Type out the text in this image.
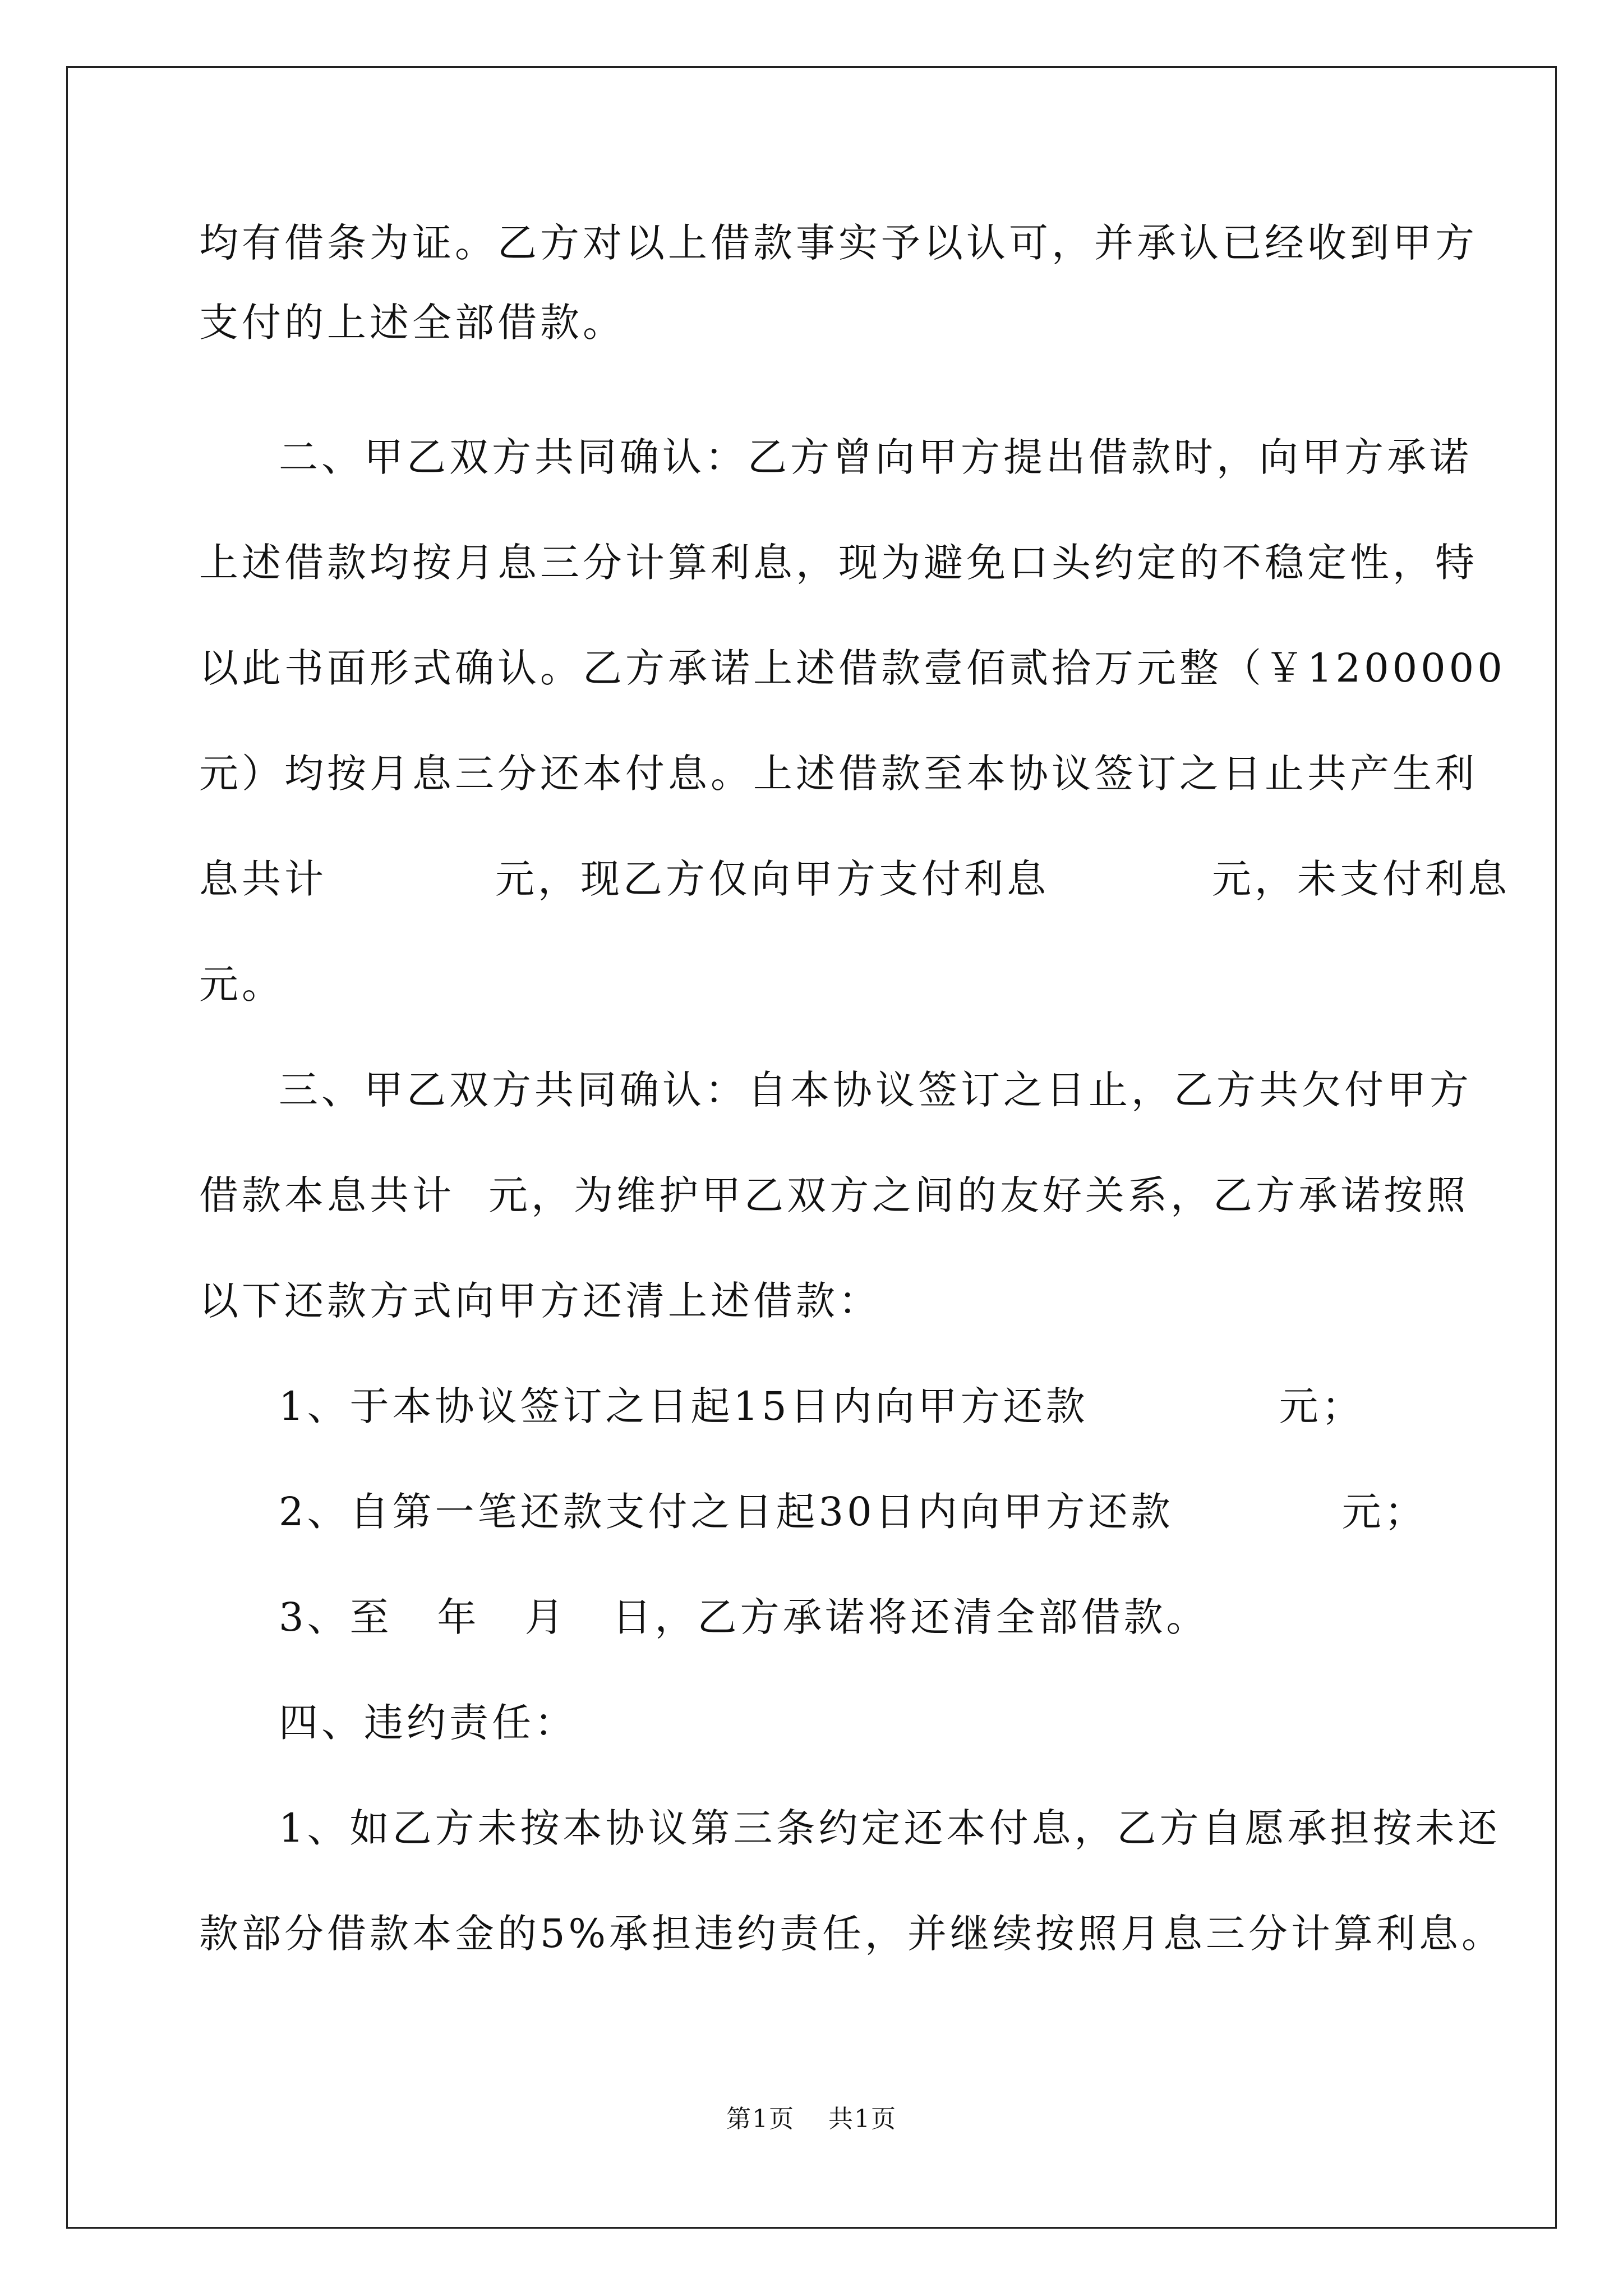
均有借条为证。乙方对以上借款事实予以认可，并承认已经收到甲方
支付的上述全部借款。
二、甲乙双方共同确认：乙方曾向甲方提出借款时，向甲方承诺
上述借款均按月息三分计算利息，现为避免口头约定的不稳定性，特
以此书面形式确认。乙方承诺上述借款壹佰贰拾万元整（￥1200000
元）均按月息三分还本付息。上述借款至本协议签订之日止共产生利
息共计	元，现乙方仅向甲方支付利息	元，未支付利息
元。
三、甲乙双方共同确认：自本协议签订之日止，乙方共欠付甲方
借款本息共计 元，为维护甲乙双方之间的友好关系，乙方承诺按照
以下还款方式向甲方还清上述借款：
1、于本协议签订之日起15日内向甲方还款	元；
2、自第一笔还款支付之日起30日内向甲方还款	元；
3、至 年 月 日，乙方承诺将还清全部借款。
四、违约责任：
1、如乙方未按本协议第三条约定还本付息，乙方自愿承担按未还
款部分借款本金的5%承担违约责任，并继续按照月息三分计算利息。
第1页 共1页
